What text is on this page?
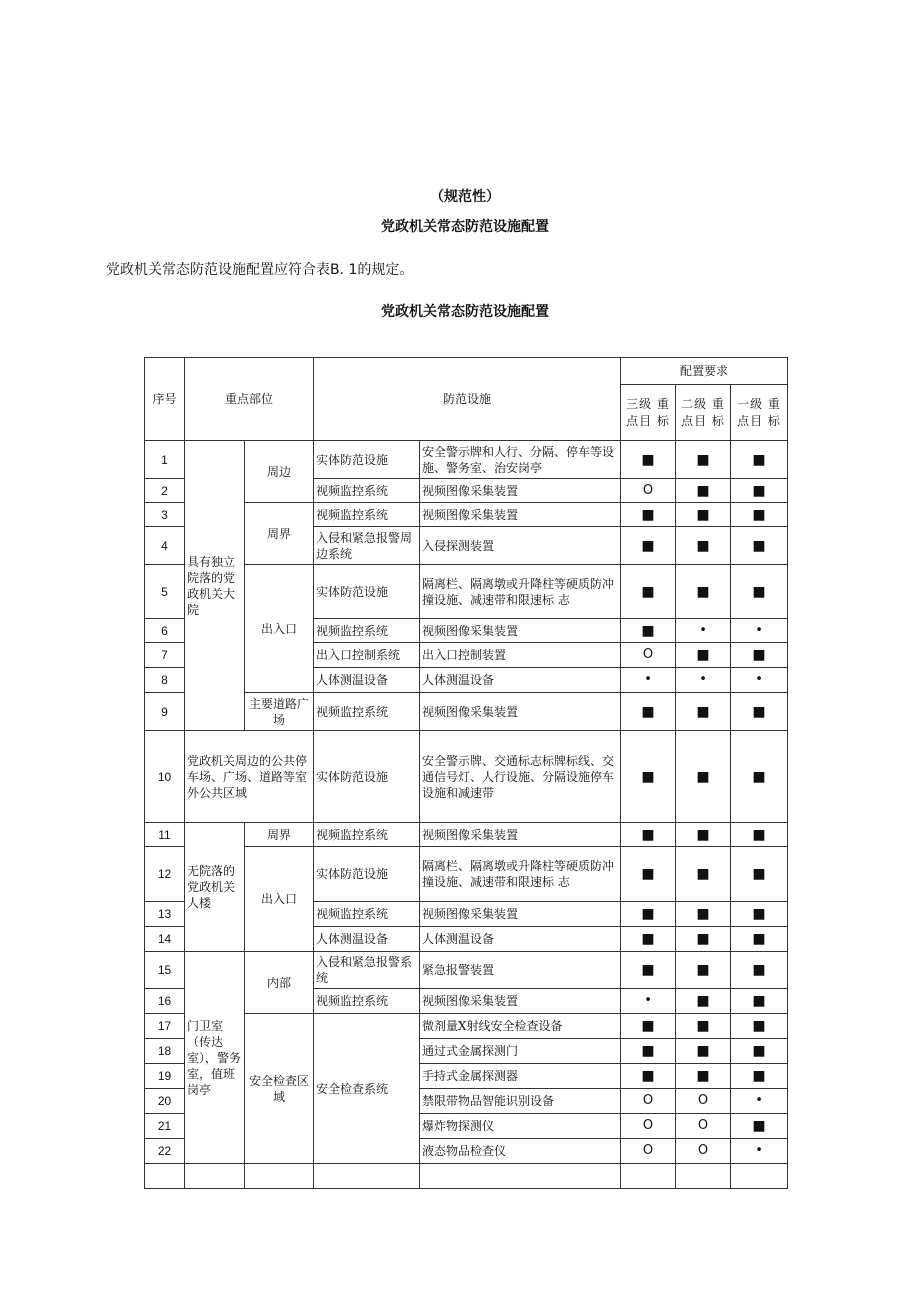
（规范性）
党政机关常态防范设施配置
党政机关常态防范设施配置应符合表B. 1的规定。
党政机关常态防范设施配置
序号	重点部位		防范设施		配置要求		
					三级 重点目 标	二级 重点目 标	一级 重点目 标
1	具有独立院落的党政机关大院	周边	实体防范设施	安全警示牌和人行、分隔、停车等设施、警务室、治安岗亭	■	■	■
2			视频监控系统	视频图像采集装置	O	■	■
3		周界	视频监控系统	视频图像采集装置	■	■	■
4			入侵和紧急报警周边系统	入侵探测装置	■	■	■
5		出入口	实体防范设施	隔离栏、隔离墩或升降柱等硬质防冲撞设施、减速带和限速标 志	■	■	■
6			视频监控系统	视频图像采集装置	■	•	•
7			出入口控制系统	出入口控制装置	O	■	■
8			人体测温设备	人体测温设备	•	•	•
9		主要道路广场	视频监控系统	视频图像采集装置	■	■	■
10	党政机关周边的公共停车场、广场、道路等室外公共区域		实体防范设施	安全警示牌、交通标志标牌标线、交通信号灯、人行设施、分隔设施停车设施和减速带	■	■	■
11	无院落的党政机关人楼	周界	视频监控系统	视频图像采集装置	■	■	■
12		出入口	实体防范设施	隔离栏、隔离墩或升降柱等硬质防冲撞设施、减速带和限速标 志	■	■	■
13			视频监控系统	视频图像采集装置	■	■	■
14			人体测温设备	人体测温设备	■	■	■
15	门卫室（传达室），警务室，值班岗亭	内部	入侵和紧急报警系统	紧急报警装置	■	■	■
16			视频监控系统	视频图像采集装置	•	■	■
17		安全检查区域	安全检查系统	微剂量X射线安全检查设备	■	■	■
18				通过式金属探测门	■	■	■
19				手持式金属探测器	■	■	■
20				禁限带物品智能识别设备	O	O	•
21				爆炸物探测仪	O	O	■
22				液态物品检查仪	O	O	•
